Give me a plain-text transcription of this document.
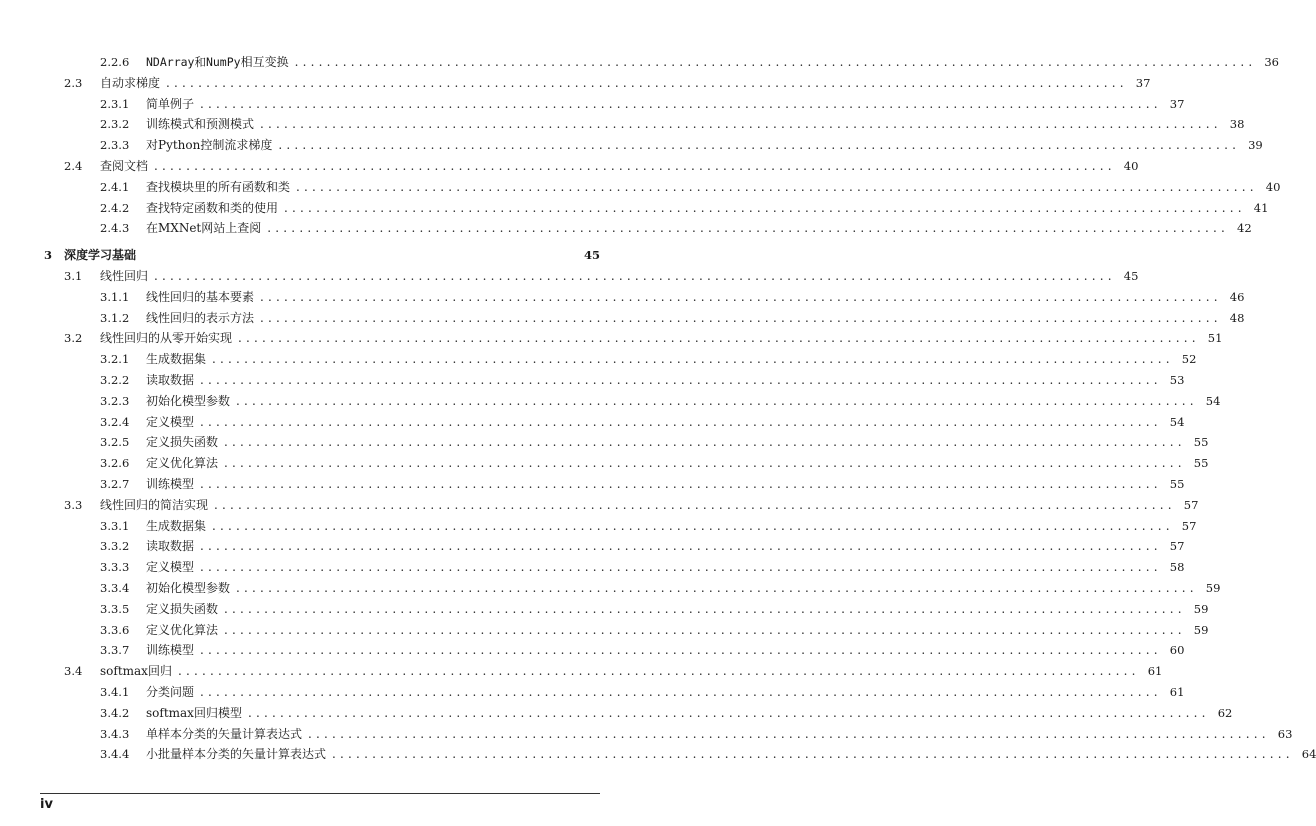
2.2.6 NDArray和NumPy相互变换 ........................................................................................................................ 36
2.3 自动求梯度 ........................................................................................................................ 37
2.3.1 简单例子 ........................................................................................................................ 37
2.3.2 训练模式和预测模式 ........................................................................................................................ 38
2.3.3 对Python控制流求梯度 ........................................................................................................................ 39
2.4 查阅文档 ........................................................................................................................ 40
2.4.1 查找模块里的所有函数和类 ........................................................................................................................ 40
2.4.2 查找特定函数和类的使用 ........................................................................................................................ 41
2.4.3 在MXNet网站上查阅 ........................................................................................................................ 42
3 深度学习基础	45
3.1 线性回归 ........................................................................................................................ 45
3.1.1 线性回归的基本要素 ........................................................................................................................ 46
3.1.2 线性回归的表示方法 ........................................................................................................................ 48
3.2 线性回归的从零开始实现 ........................................................................................................................ 51
3.2.1 生成数据集 ........................................................................................................................ 52
3.2.2 读取数据 ........................................................................................................................ 53
3.2.3 初始化模型参数 ........................................................................................................................ 54
3.2.4 定义模型 ........................................................................................................................ 54
3.2.5 定义损失函数 ........................................................................................................................ 55
3.2.6 定义优化算法 ........................................................................................................................ 55
3.2.7 训练模型 ........................................................................................................................ 55
3.3 线性回归的简洁实现 ........................................................................................................................ 57
3.3.1 生成数据集 ........................................................................................................................ 57
3.3.2 读取数据 ........................................................................................................................ 57
3.3.3 定义模型 ........................................................................................................................ 58
3.3.4 初始化模型参数 ........................................................................................................................ 59
3.3.5 定义损失函数 ........................................................................................................................ 59
3.3.6 定义优化算法 ........................................................................................................................ 59
3.3.7 训练模型 ........................................................................................................................ 60
3.4 softmax回归 ........................................................................................................................ 61
3.4.1 分类问题 ........................................................................................................................ 61
3.4.2 softmax回归模型 ........................................................................................................................ 62
3.4.3 单样本分类的矢量计算表达式 ........................................................................................................................ 63
3.4.4 小批量样本分类的矢量计算表达式 ........................................................................................................................ 64
iv
